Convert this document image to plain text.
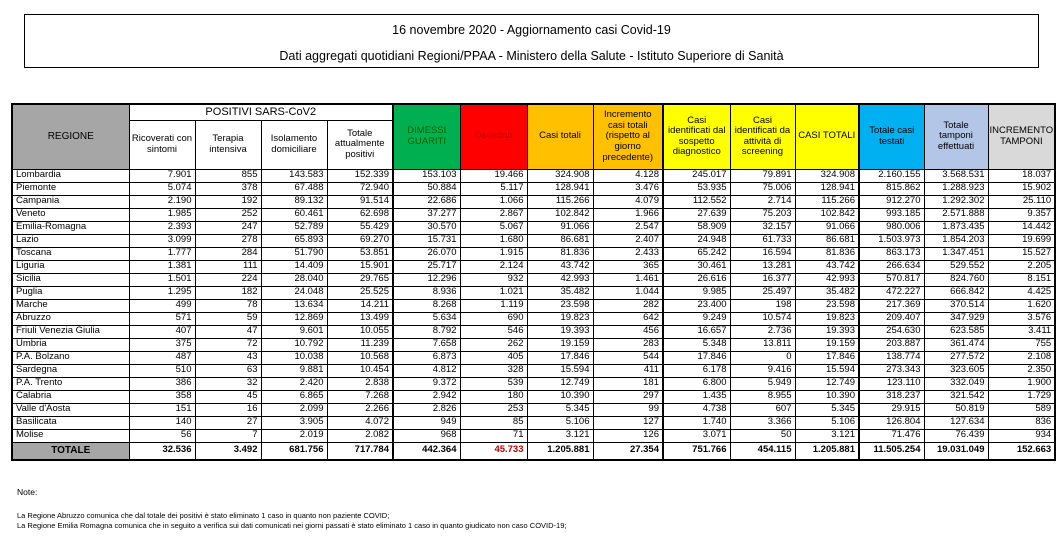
16 novembre 2020 - Aggiornamento casi Covid-19

Dati aggregati quotidiani Regioni/PPAA - Ministero della Salute - Istituto Superiore di Sanità

REGIONE	POSITIVI SARS-CoV2				DIMESSI GUARITI	Deceduti	Casi totali	Incremento casi totali (rispetto al giorno precedente)	Casi identificati dal sospetto diagnostico	Casi identificati da attività di screening	CASI TOTALI	Totale casi testati	Totale tamponi effettuati	INCREMENTO TAMPONI
	Ricoverati con sintomi	Terapia intensiva	Isolamento domiciliare	Totale attualmente positivi										
Lombardia	7.901	855	143.583	152.339	153.103	19.466	324.908	4.128	245.017	79.891	324.908	2.160.155	3.568.531	18.037
Piemonte	5.074	378	67.488	72.940	50.884	5.117	128.941	3.476	53.935	75.006	128.941	815.862	1.288.923	15.902
Campania	2.190	192	89.132	91.514	22.686	1.066	115.266	4.079	112.552	2.714	115.266	912.270	1.292.302	25.110
Veneto	1.985	252	60.461	62.698	37.277	2.867	102.842	1.966	27.639	75.203	102.842	993.185	2.571.888	9.357
Emilia-Romagna	2.393	247	52.789	55.429	30.570	5.067	91.066	2.547	58.909	32.157	91.066	980.006	1.873.435	14.442
Lazio	3.099	278	65.893	69.270	15.731	1.680	86.681	2.407	24.948	61.733	86.681	1.503.973	1.854.203	19.699
Toscana	1.777	284	51.790	53.851	26.070	1.915	81.836	2.433	65.242	16.594	81.836	863.173	1.347.451	15.527
Liguria	1.381	111	14.409	15.901	25.717	2.124	43.742	365	30.461	13.281	43.742	266.634	529.552	2.205
Sicilia	1.501	224	28.040	29.765	12.296	932	42.993	1.461	26.616	16.377	42.993	570.817	824.760	8.151
Puglia	1.295	182	24.048	25.525	8.936	1.021	35.482	1.044	9.985	25.497	35.482	472.227	666.842	4.425
Marche	499	78	13.634	14.211	8.268	1.119	23.598	282	23.400	198	23.598	217.369	370.514	1.620
Abruzzo	571	59	12.869	13.499	5.634	690	19.823	642	9.249	10.574	19.823	209.407	347.929	3.576
Friuli Venezia Giulia	407	47	9.601	10.055	8.792	546	19.393	456	16.657	2.736	19.393	254.630	623.585	3.411
Umbria	375	72	10.792	11.239	7.658	262	19.159	283	5.348	13.811	19.159	203.887	361.474	755
P.A. Bolzano	487	43	10.038	10.568	6.873	405	17.846	544	17.846	0	17.846	138.774	277.572	2.108
Sardegna	510	63	9.881	10.454	4.812	328	15.594	411	6.178	9.416	15.594	273.343	323.605	2.350
P.A. Trento	386	32	2.420	2.838	9.372	539	12.749	181	6.800	5.949	12.749	123.110	332.049	1.900
Calabria	358	45	6.865	7.268	2.942	180	10.390	297	1.435	8.955	10.390	318.237	321.542	1.729
Valle d'Aosta	151	16	2.099	2.266	2.826	253	5.345	99	4.738	607	5.345	29.915	50.819	589
Basilicata	140	27	3.905	4.072	949	85	5.106	127	1.740	3.366	5.106	126.804	127.634	836
Molise	56	7	2.019	2.082	968	71	3.121	126	3.071	50	3.121	71.476	76.439	934
TOTALE	32.536	3.492	681.756	717.784	442.364	45.733	1.205.881	27.354	751.766	454.115	1.205.881	11.505.254	19.031.049	152.663

Note:

La Regione Abruzzo comunica che dal totale dei positivi è stato eliminato 1 caso in quanto non paziente COVID;

La Regione Emilia Romagna comunica che in seguito a verifica sui dati comunicati nei giorni passati è stato eliminato 1 caso in quanto giudicato non caso COVID-19;
